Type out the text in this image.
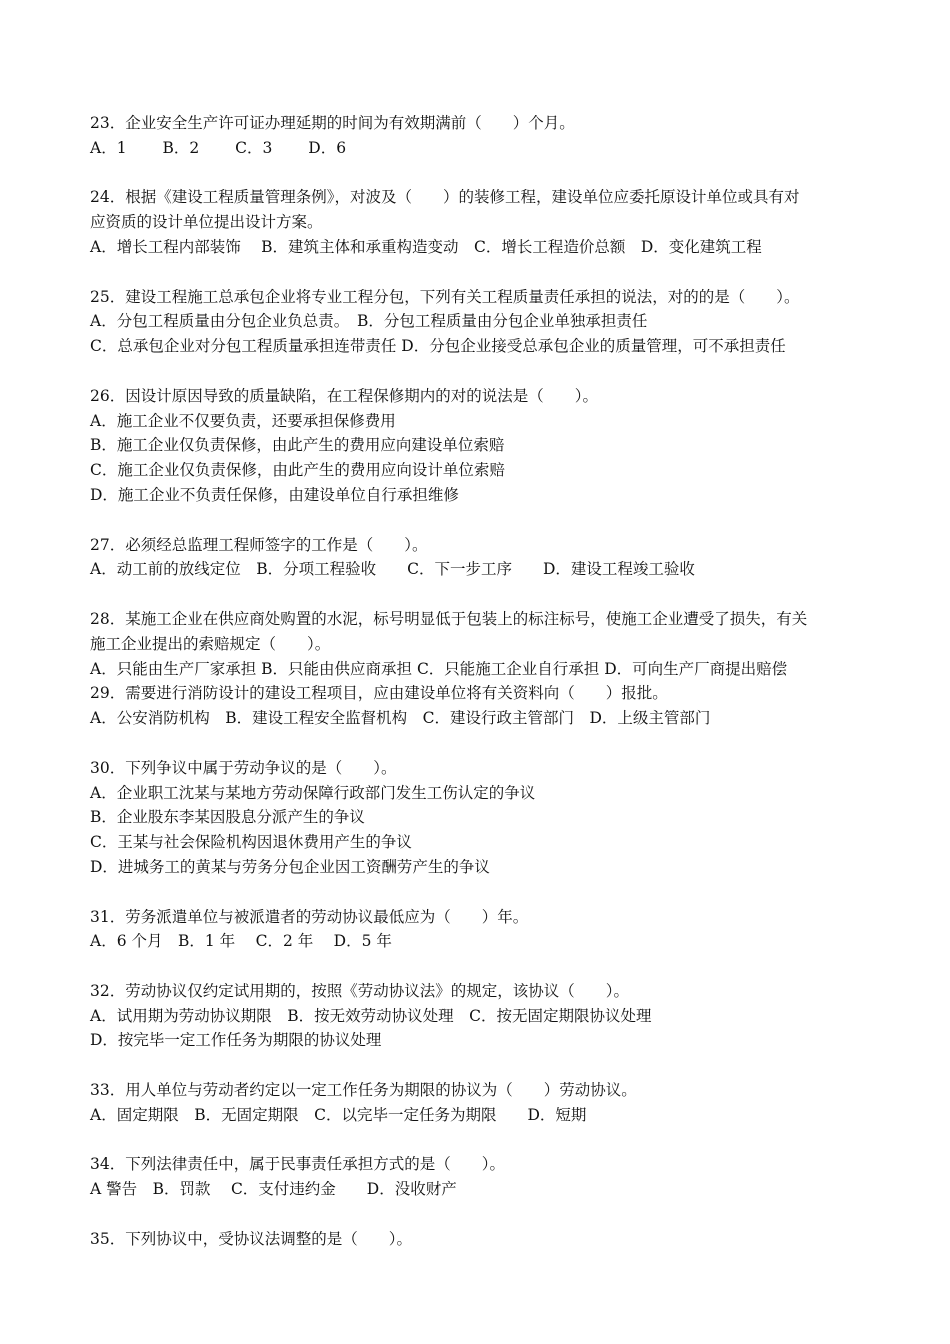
23．企业安全生产许可证办理延期的时间为有效期满前（　　）个月。
A．1　　 B．2　　 C．3　　 D．6
24．根据《建设工程质量管理条例》，对波及（　　）的装修工程，建设单位应委托原设计单位或具有对
应资质的设计单位提出设计方案。
A．增长工程内部装饰　 B．建筑主体和承重构造变动　C．增长工程造价总额　D．变化建筑工程
25．建设工程施工总承包企业将专业工程分包，下列有关工程质量责任承担的说法，对的的是（　　）。
A．分包工程质量由分包企业负总责。　B．分包工程质量由分包企业单独承担责任
C．总承包企业对分包工程质量承担连带责任 D．分包企业接受总承包企业的质量管理，可不承担责任
26．因设计原因导致的质量缺陷，在工程保修期内的对的说法是（　　）。
A．施工企业不仅要负责，还要承担保修费用
B．施工企业仅负责保修，由此产生的费用应向建设单位索赔
C．施工企业仅负责保修，由此产生的费用应向设计单位索赔
D．施工企业不负责任保修，由建设单位自行承担维修
27．必须经总监理工程师签字的工作是（　　）。
A．动工前的放线定位　B．分项工程验收　　C．下一步工序　　D．建设工程竣工验收
28．某施工企业在供应商处购置的水泥，标号明显低于包装上的标注标号，使施工企业遭受了损失，有关
施工企业提出的索赔规定（　　）。
A．只能由生产厂家承担 B．只能由供应商承担 C．只能施工企业自行承担 D．可向生产厂商提出赔偿
29．需要进行消防设计的建设工程项目，应由建设单位将有关资料向（　　）报批。
A．公安消防机构　B．建设工程安全监督机构　C．建设行政主管部门　D．上级主管部门
30．下列争议中属于劳动争议的是（　　）。
A．企业职工沈某与某地方劳动保障行政部门发生工伤认定的争议
B．企业股东李某因股息分派产生的争议
C．王某与社会保险机构因退休费用产生的争议
D．进城务工的黄某与劳务分包企业因工资酬劳产生的争议
31．劳务派遣单位与被派遣者的劳动协议最低应为（　　）年。
A．6 个月　B．1 年　 C．2 年　 D．5 年
32．劳动协议仅约定试用期的，按照《劳动协议法》的规定，该协议（　　）。
A．试用期为劳动协议期限　B．按无效劳动协议处理　C．按无固定期限协议处理
D．按完毕一定工作任务为期限的协议处理
33．用人单位与劳动者约定以一定工作任务为期限的协议为（　　）劳动协议。
A．固定期限　B．无固定期限　C．以完毕一定任务为期限　　D．短期
34．下列法律责任中，属于民事责任承担方式的是（　　）。
A 警告　B．罚款　 C．支付违约金　　D．没收财产
35．下列协议中，受协议法调整的是（　　）。
